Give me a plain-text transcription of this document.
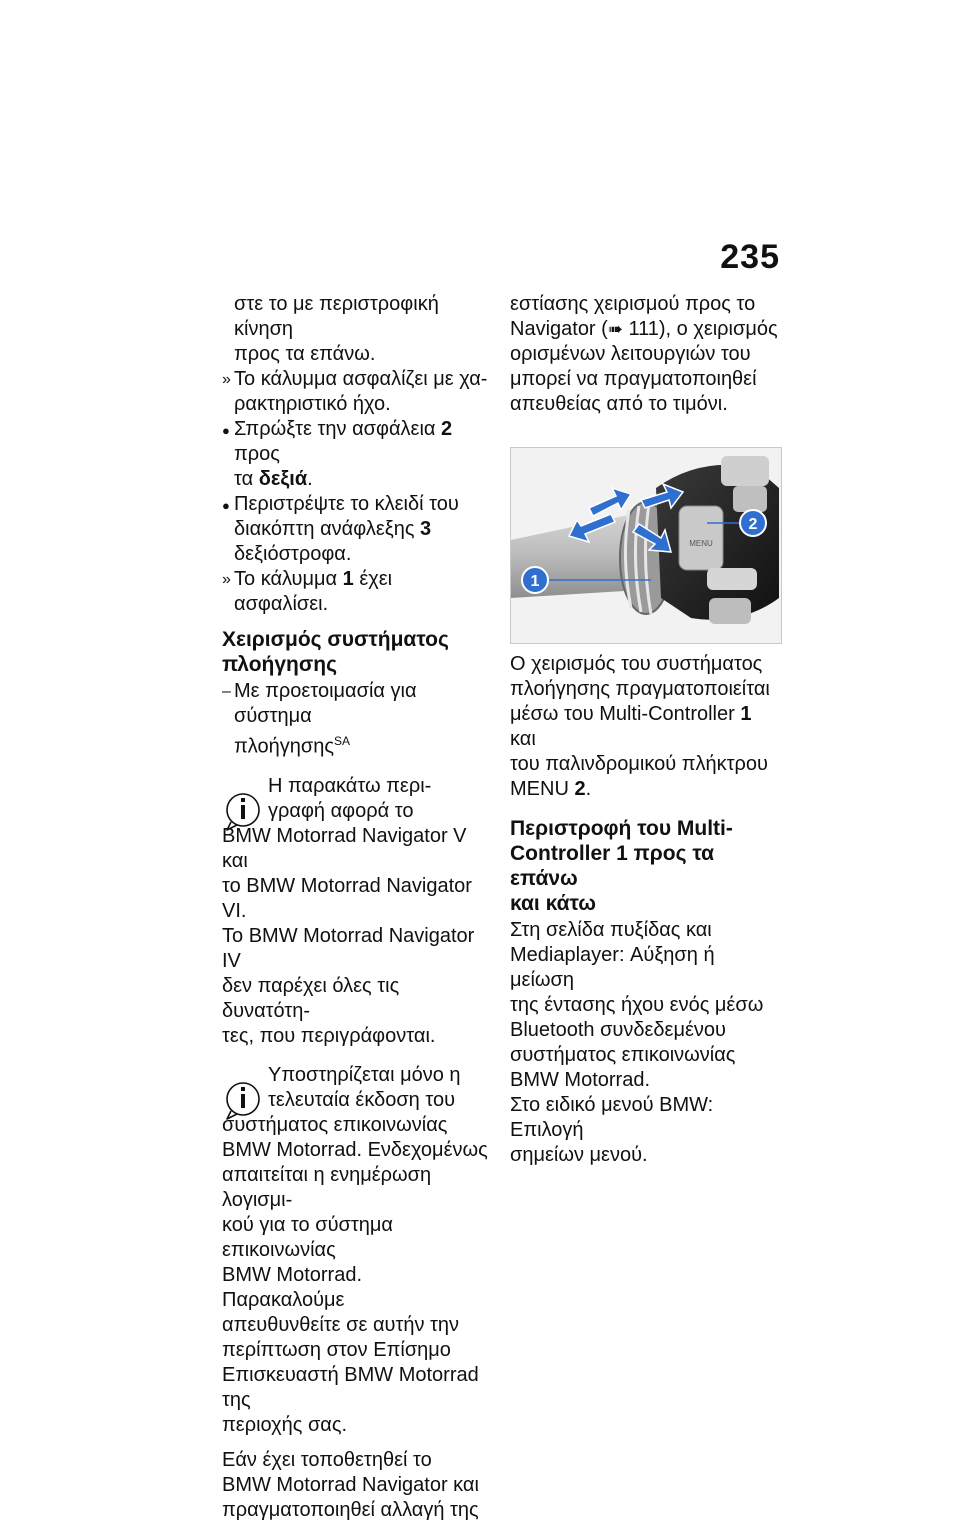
235

στε το με περιστροφική κίνηση

προς τα επάνω.

» Το κάλυμμα ασφαλίζει με χα-
ρακτηριστικό ήχο.
● Σπρώξτε την ασφάλεια 2 προς
τα δεξιά.
● Περιστρέψτε το κλειδί του
διακόπτη ανάφλεξης 3
δεξιόστροφα.
» Το κάλυμμα 1 έχει ασφαλίσει.
Χειρισμός συστήματος
πλοήγησης
– Με προετοιμασία για σύστημα
πλοήγησης$^{SA}$
Η παρακάτω περι-
γραφή αφορά το
BMW Motorrad Navigator V και
το BMW Motorrad Navigator VI.
Το BMW Motorrad Navigator IV
δεν παρέχει όλες τις δυνατότη-
τες, που περιγράφονται.
Υποστηρίζεται μόνο η
τελευταία έκδοση του
συστήματος επικοινωνίας
BMW Motorrad. Ενδεχομένως
απαιτείται η ενημέρωση λογισμι-
κού για το σύστημα επικοινωνίας
BMW Motorrad. Παρακαλούμε
απευθυνθείτε σε αυτήν την
περίπτωση στον Επίσημο
Επισκευαστή BMW Motorrad της
περιοχής σας.
Εάν έχει τοποθετηθεί το
BMW Motorrad Navigator και
πραγματοποιηθεί αλλαγή της
εστίασης χειρισμού προς το
Navigator (➠ 111), ο χειρισμός
ορισμένων λειτουργιών του
μπορεί να πραγματοποιηθεί
απευθείας από το τιμόνι.
MENU
1
2
Ο χειρισμός του συστήματος
πλοήγησης πραγματοποιείται
μέσω του Multi-Controller 1 και
του παλινδρομικού πλήκτρου
MENU 2.
Περιστροφή του Multi-
Controller 1 προς τα επάνω
και κάτω
Στη σελίδα πυξίδας και
Mediaplayer: Αύξηση ή μείωση
της έντασης ήχου ενός μέσω
Bluetooth συνδεδεμένου
συστήματος επικοινωνίας
BMW Motorrad.
Στο ειδικό μενού BMW: Επιλογή
σημείων μενού.
